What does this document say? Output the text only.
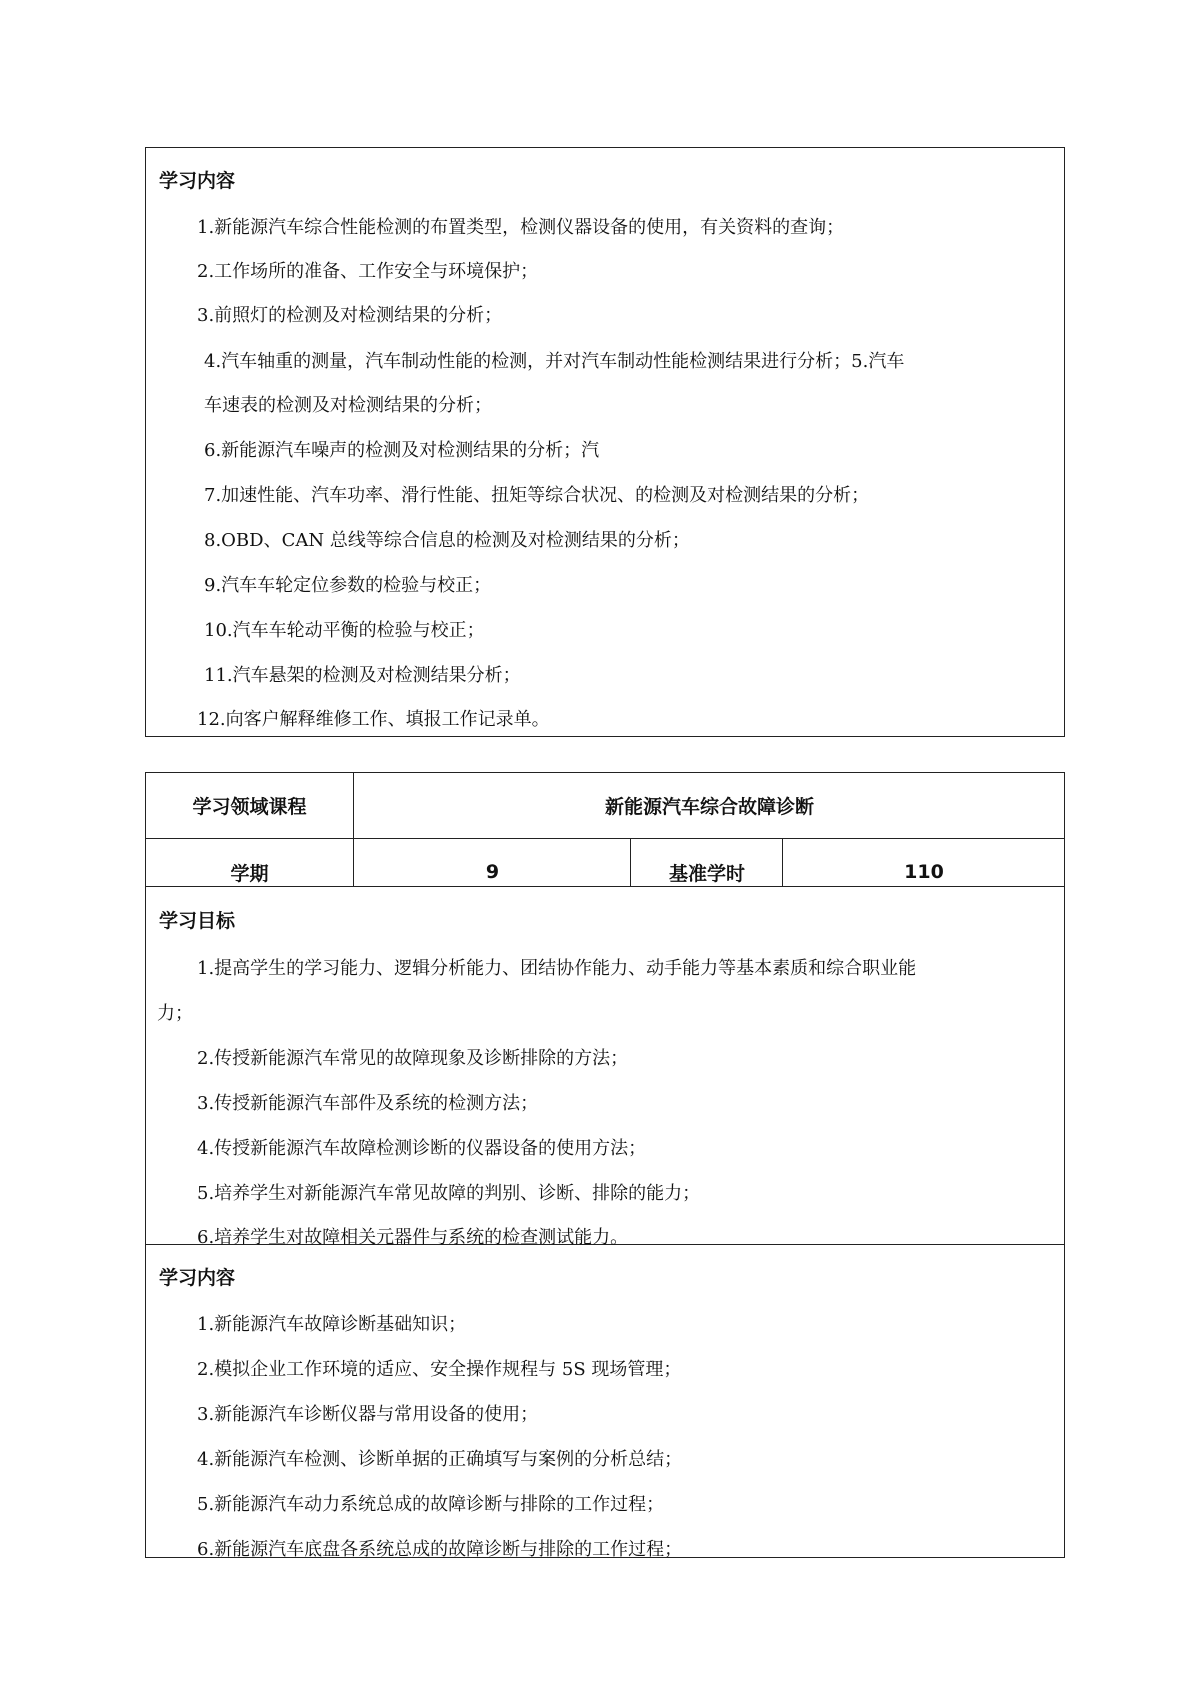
学习内容
1.新能源汽车综合性能检测的布置类型，检测仪器设备的使用，有关资料的查询；
2.工作场所的准备、工作安全与环境保护；
3.前照灯的检测及对检测结果的分析；
4.汽车轴重的测量，汽车制动性能的检测，并对汽车制动性能检测结果进行分析；5.汽车
车速表的检测及对检测结果的分析；
6.新能源汽车噪声的检测及对检测结果的分析；汽
7.加速性能、汽车功率、滑行性能、扭矩等综合状况、的检测及对检测结果的分析；
8.OBD、CAN 总线等综合信息的检测及对检测结果的分析；
9.汽车车轮定位参数的检验与校正；
10.汽车车轮动平衡的检验与校正；
11.汽车悬架的检测及对检测结果分析；
12.向客户解释维修工作、填报工作记录单。
学习领域课程	新能源汽车综合故障诊断
学期	9	基准学时	110
学习目标
1.提高学生的学习能力、逻辑分析能力、团结协作能力、动手能力等基本素质和综合职业能
力；
2.传授新能源汽车常见的故障现象及诊断排除的方法；
3.传授新能源汽车部件及系统的检测方法；
4.传授新能源汽车故障检测诊断的仪器设备的使用方法；
5.培养学生对新能源汽车常见故障的判别、诊断、排除的能力；
6.培养学生对故障相关元器件与系统的检查测试能力。
学习内容
1.新能源汽车故障诊断基础知识；
2.模拟企业工作环境的适应、安全操作规程与 5S 现场管理；
3.新能源汽车诊断仪器与常用设备的使用；
4.新能源汽车检测、诊断单据的正确填写与案例的分析总结；
5.新能源汽车动力系统总成的故障诊断与排除的工作过程；
6.新能源汽车底盘各系统总成的故障诊断与排除的工作过程；
